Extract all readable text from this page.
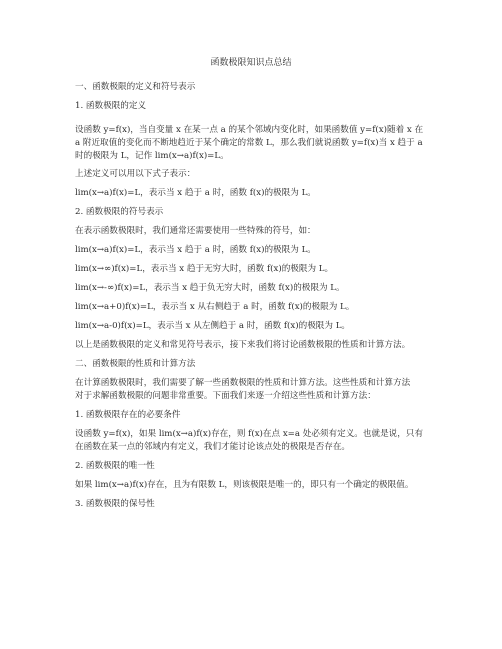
函数极限知识点总结
一、函数极限的定义和符号表示
1. 函数极限的定义
设函数 y=f(x)，当自变量 x 在某一点 a 的某个邻域内变化时，如果函数值 y=f(x)随着 x 在
a 附近取值的变化而不断地趋近于某个确定的常数 L，那么我们就说函数 y=f(x)当 x 趋于 a
时的极限为 L，记作 lim(x→a)f(x)=L。
上述定义可以用以下式子表示：
lim(x→a)f(x)=L，表示当 x 趋于 a 时，函数 f(x)的极限为 L。
2. 函数极限的符号表示
在表示函数极限时，我们通常还需要使用一些特殊的符号，如：
lim(x→a)f(x)=L，表示当 x 趋于 a 时，函数 f(x)的极限为 L。
lim(x→∞)f(x)=L，表示当 x 趋于无穷大时，函数 f(x)的极限为 L。
lim(x→-∞)f(x)=L，表示当 x 趋于负无穷大时，函数 f(x)的极限为 L。
lim(x→a+0)f(x)=L，表示当 x 从右侧趋于 a 时，函数 f(x)的极限为 L。
lim(x→a-0)f(x)=L，表示当 x 从左侧趋于 a 时，函数 f(x)的极限为 L。
以上是函数极限的定义和常见符号表示，接下来我们将讨论函数极限的性质和计算方法。
二、函数极限的性质和计算方法
在计算函数极限时，我们需要了解一些函数极限的性质和计算方法。这些性质和计算方法
对于求解函数极限的问题非常重要。下面我们来逐一介绍这些性质和计算方法：
1. 函数极限存在的必要条件
设函数 y=f(x)，如果 lim(x→a)f(x)存在，则 f(x)在点 x=a 处必须有定义。也就是说，只有
在函数在某一点的邻域内有定义，我们才能讨论该点处的极限是否存在。
2. 函数极限的唯一性
如果 lim(x→a)f(x)存在，且为有限数 L，则该极限是唯一的，即只有一个确定的极限值。
3. 函数极限的保号性
